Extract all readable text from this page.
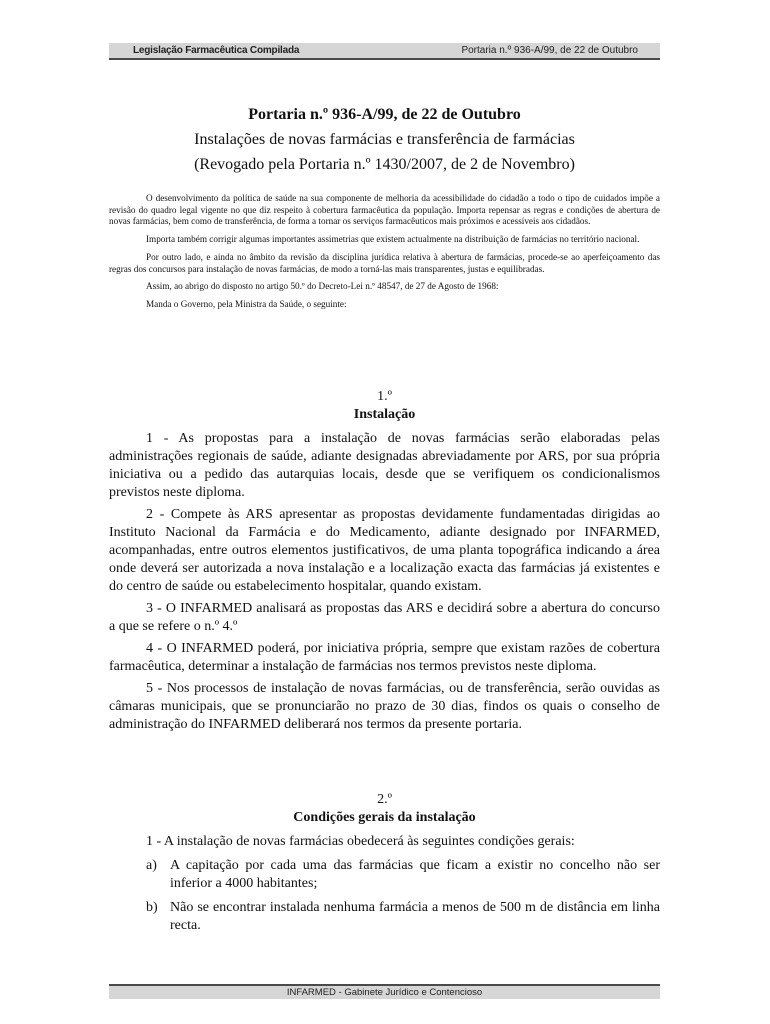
Legislação Farmacêutica Compilada	Portaria n.º 936-A/99, de 22 de Outubro
Portaria n.º 936-A/99, de 22 de Outubro
Instalações de novas farmácias e transferência de farmácias
(Revogado pela Portaria n.º 1430/2007, de 2 de Novembro)

O desenvolvimento da política de saúde na sua componente de melhoria da acessibilidade do cidadão a todo o tipo de cuidados impõe a revisão do quadro legal vigente no que diz respeito à cobertura farmacêutica da população. Importa repensar as regras e condições de abertura de novas farmácias, bem como de transferência, de forma a tornar os serviços farmacêuticos mais próximos e acessíveis aos cidadãos.

Importa também corrigir algumas importantes assimetrias que existem actualmente na distribuição de farmácias no território nacional.

Por outro lado, e ainda no âmbito da revisão da disciplina jurídica relativa à abertura de farmácias, procede-se ao aperfeiçoamento das regras dos concursos para instalação de novas farmácias, de modo a torná-las mais transparentes, justas e equilibradas.

Assim, ao abrigo do disposto no artigo 50.º do Decreto-Lei n.º 48547, de 27 de Agosto de 1968:

Manda o Governo, pela Ministra da Saúde, o seguinte:

1.º

Instalação

1 - As propostas para a instalação de novas farmácias serão elaboradas pelas administrações regionais de saúde, adiante designadas abreviadamente por ARS, por sua própria iniciativa ou a pedido das autarquias locais, desde que se verifiquem os condicionalismos previstos neste diploma.

2 - Compete às ARS apresentar as propostas devidamente fundamentadas dirigidas ao Instituto Nacional da Farmácia e do Medicamento, adiante designado por INFARMED, acompanhadas, entre outros elementos justificativos, de uma planta topográfica indicando a área onde deverá ser autorizada a nova instalação e a localização exacta das farmácias já existentes e do centro de saúde ou estabelecimento hospitalar, quando existam.

3 - O INFARMED analisará as propostas das ARS e decidirá sobre a abertura do concurso a que se refere o n.º 4.º

4 - O INFARMED poderá, por iniciativa própria, sempre que existam razões de cobertura farmacêutica, determinar a instalação de farmácias nos termos previstos neste diploma.

5 - Nos processos de instalação de novas farmácias, ou de transferência, serão ouvidas as câmaras municipais, que se pronunciarão no prazo de 30 dias, findos os quais o conselho de administração do INFARMED deliberará nos termos da presente portaria.

2.º

Condições gerais da instalação

1 - A instalação de novas farmácias obedecerá às seguintes condições gerais:

a) A capitação por cada uma das farmácias que ficam a existir no concelho não ser inferior a 4000 habitantes;
b) Não se encontrar instalada nenhuma farmácia a menos de 500 m de distância em linha recta.
INFARMED - Gabinete Jurídico e Contencioso
